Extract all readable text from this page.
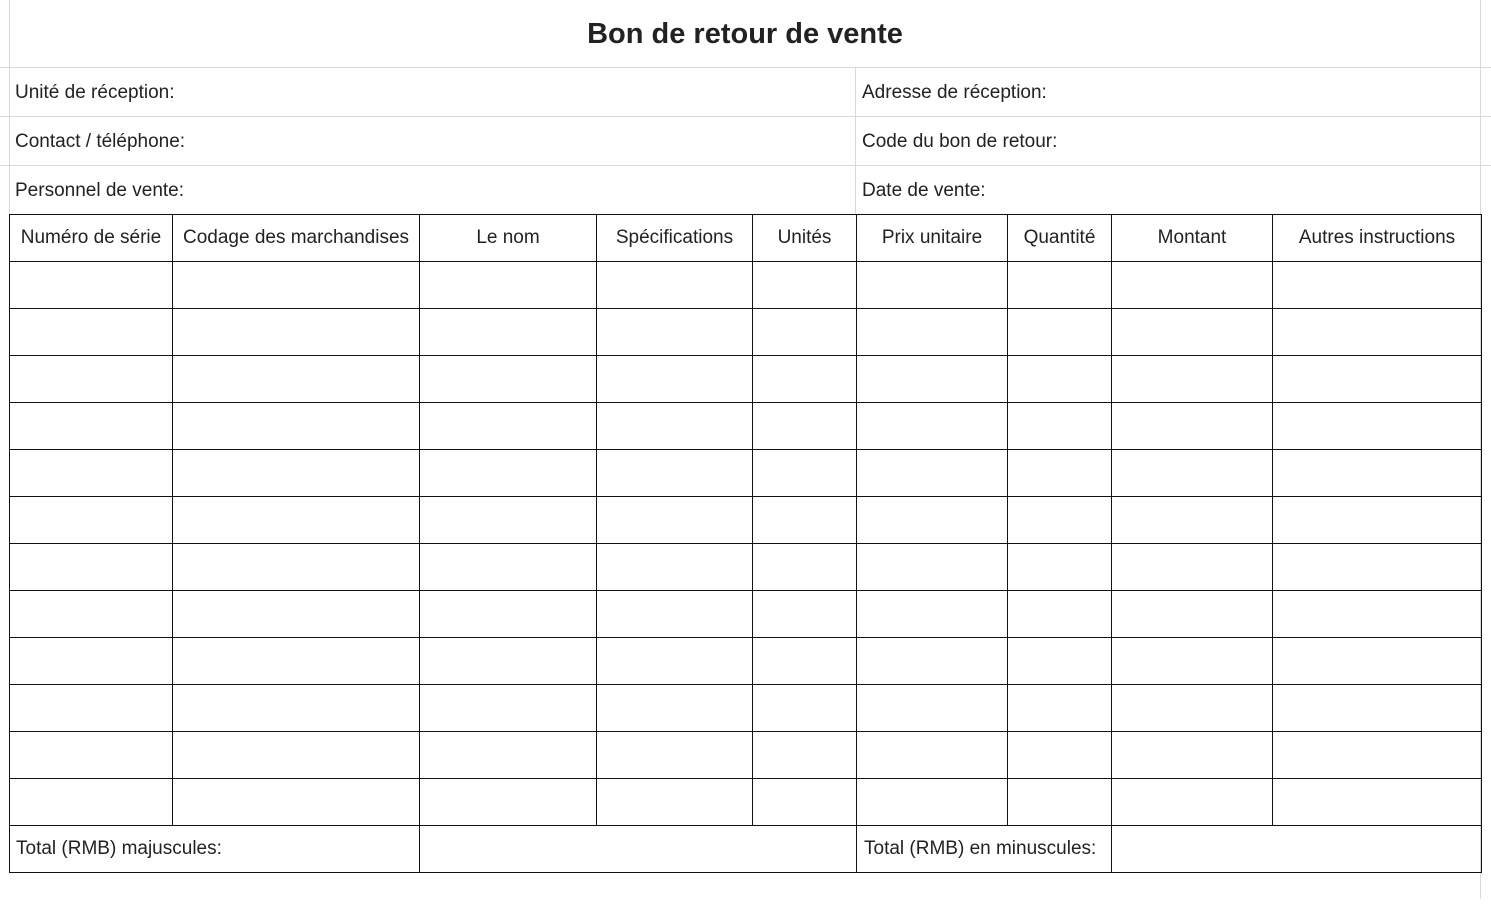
Bon de retour de vente
Unité de réception:	Adresse de réception:
Contact / téléphone:	Code du bon de retour:
Personnel de vente:	Date de vente:
Numéro de série	Codage des marchandises	Le nom	Spécifications	Unités	Prix unitaire	Quantité	Montant	Autres instructions

Total (RMB) majuscules:					Total (RMB) en minuscules:			
